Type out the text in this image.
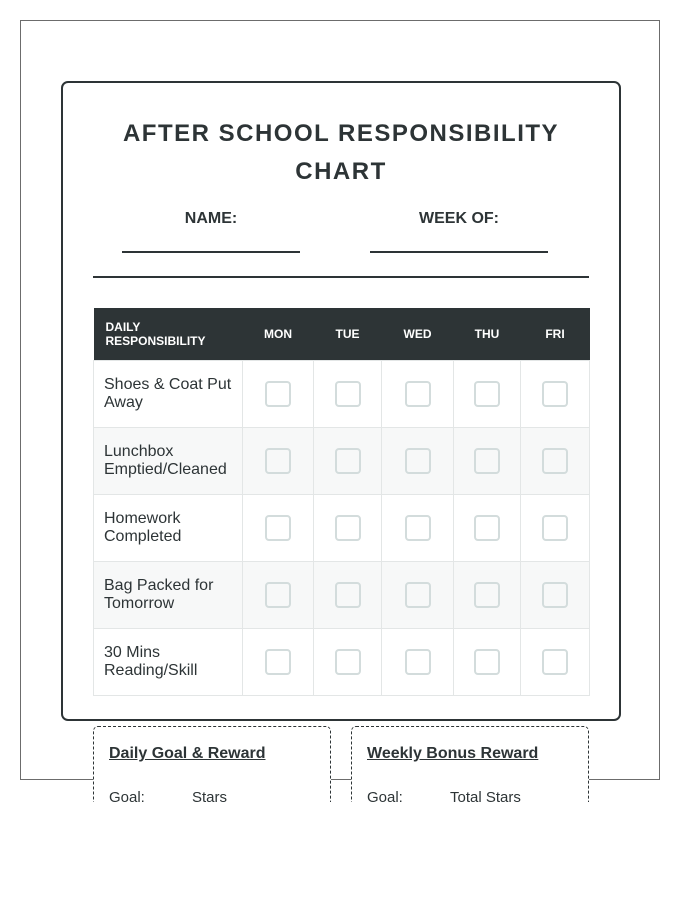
AFTER SCHOOL RESPONSIBILITY
CHART
NAME:	WEEK OF:
DAILY
RESPONSIBILITY	MON	TUE	WED	THU	FRI
Shoes & Coat Put
Away					
Lunchbox
Emptied/Cleaned					
Homework
Completed					
Bag Packed for
Tomorrow					
30 Mins
Reading/Skill					
Daily Goal & Reward
Goal:	Stars
Weekly Bonus Reward
Goal:	Total Stars
